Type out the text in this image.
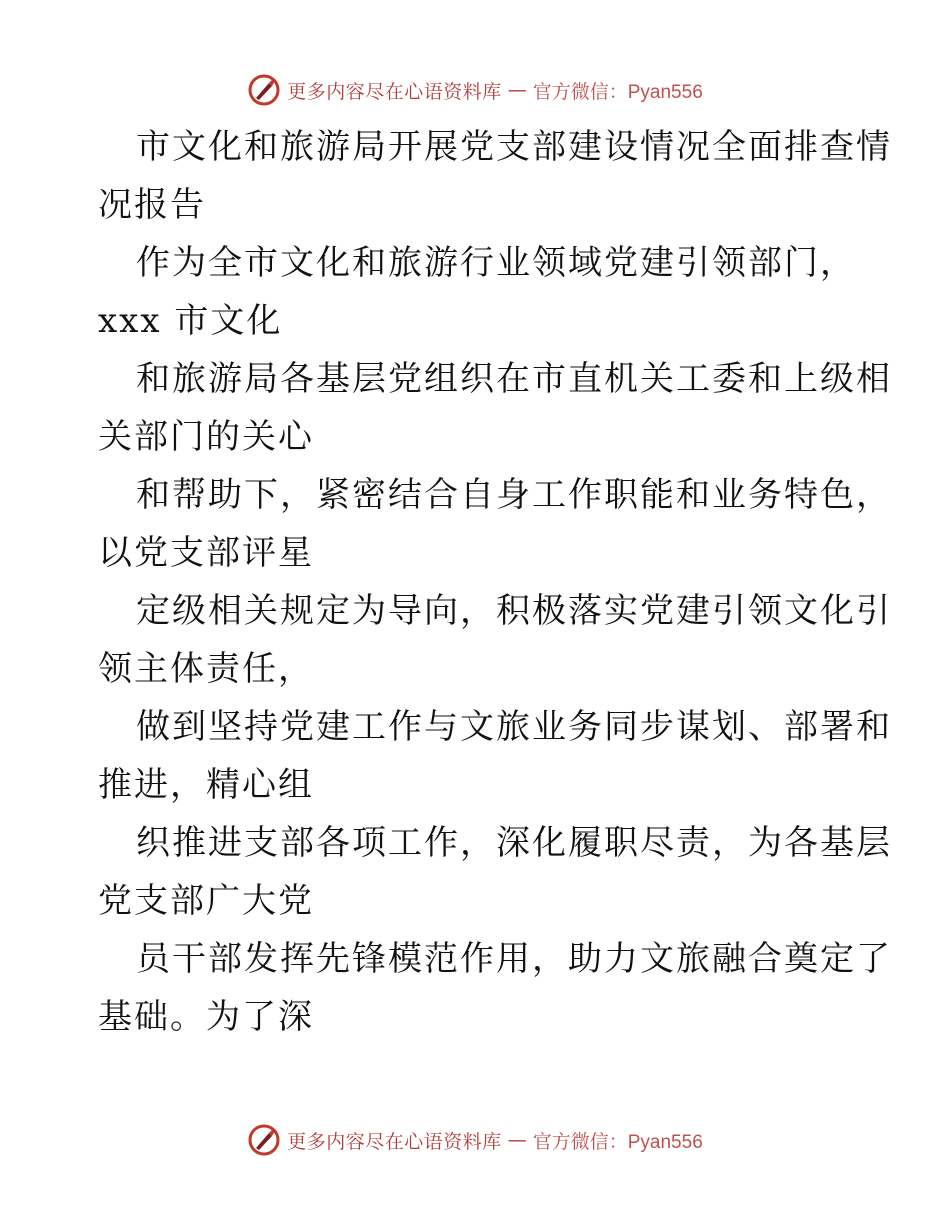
更多内容尽在心语资料库 — 官方微信：Pyan556

市文化和旅游局开展党支部建设情况全面排查情

况报告

作为全市文化和旅游行业领域党建引领部门，

xxx 市文化

和旅游局各基层党组织在市直机关工委和上级相

关部门的关心

和帮助下，紧密结合自身工作职能和业务特色，

以党支部评星

定级相关规定为导向，积极落实党建引领文化引

领主体责任，

做到坚持党建工作与文旅业务同步谋划、部署和

推进，精心组

织推进支部各项工作，深化履职尽责，为各基层

党支部广大党

员干部发挥先锋模范作用，助力文旅融合奠定了

基础。为了深

更多内容尽在心语资料库 — 官方微信：Pyan556
